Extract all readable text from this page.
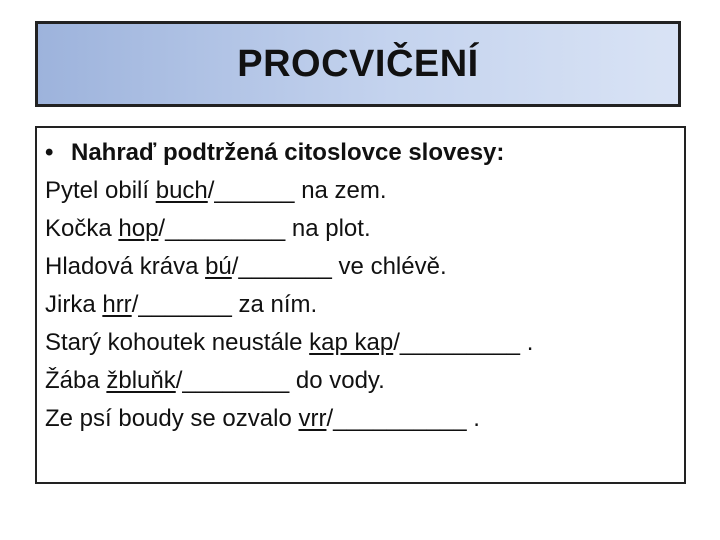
PROCVIČENÍ
• Nahraď podtržená citoslovce slovesy:
Pytel obilí buch/______ na zem.
Kočka hop/_________ na plot.
Hladová kráva bú/_______ ve chlévě.
Jirka hrr/_______ za ním.
Starý kohoutek neustále kap kap/_________ .
Žába žbluňk/________ do vody.
Ze psí boudy se ozvalo vrr/__________ .
